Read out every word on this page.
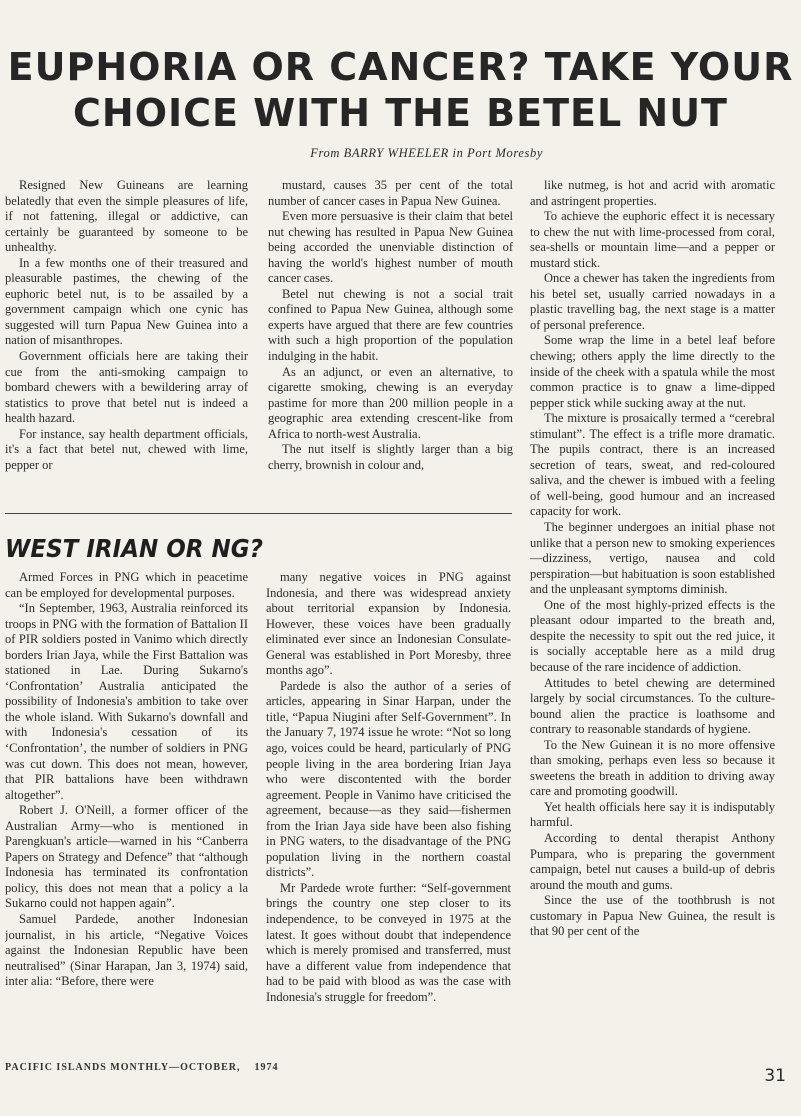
EUPHORIA OR CANCER? TAKE YOUR
CHOICE WITH THE BETEL NUT
From BARRY WHEELER in Port Moresby

Resigned New Guineans are learning belatedly that even the simple pleasures of life, if not fattening, illegal or addictive, can certainly be guaranteed by someone to be unhealthy.

In a few months one of their treasured and pleasurable pastimes, the chewing of the euphoric betel nut, is to be assailed by a government campaign which one cynic has suggested will turn Papua New Guinea into a nation of misanthropes.

Government officials here are taking their cue from the anti-smoking campaign to bombard chewers with a bewildering array of statistics to prove that betel nut is indeed a health hazard.

For instance, say health department officials, it's a fact that betel nut, chewed with lime, pepper or

mustard, causes 35 per cent of the total number of cancer cases in Papua New Guinea.

Even more persuasive is their claim that betel nut chewing has resulted in Papua New Guinea being accorded the unenviable distinction of having the world's highest number of mouth cancer cases.

Betel nut chewing is not a social trait confined to Papua New Guinea, although some experts have argued that there are few countries with such a high proportion of the population indulging in the habit.

As an adjunct, or even an alternative, to cigarette smoking, chewing is an everyday pastime for more than 200 million people in a geographic area extending crescent-like from Africa to north-west Australia.

The nut itself is slightly larger than a big cherry, brownish in colour and,

like nutmeg, is hot and acrid with aromatic and astringent properties.

To achieve the euphoric effect it is necessary to chew the nut with lime-processed from coral, sea-shells or mountain lime—and a pepper or mustard stick.

Once a chewer has taken the ingredients from his betel set, usually carried nowadays in a plastic travelling bag, the next stage is a matter of personal preference.

Some wrap the lime in a betel leaf before chewing; others apply the lime directly to the inside of the cheek with a spatula while the most common practice is to gnaw a lime-dipped pepper stick while sucking away at the nut.

The mixture is prosaically termed a “cerebral stimulant”. The effect is a trifle more dramatic. The pupils contract, there is an increased secretion of tears, sweat, and red-coloured saliva, and the chewer is imbued with a feeling of well-being, good humour and an increased capacity for work.

The beginner undergoes an initial phase not unlike that a person new to smoking experiences—dizziness, vertigo, nausea and cold perspiration—but habituation is soon established and the unpleasant symptoms diminish.

One of the most highly-prized effects is the pleasant odour imparted to the breath and, despite the necessity to spit out the red juice, it is socially acceptable here as a mild drug because of the rare incidence of addiction.

Attitudes to betel chewing are determined largely by social circumstances. To the culture-bound alien the practice is loathsome and contrary to reasonable standards of hygiene.

To the New Guinean it is no more offensive than smoking, perhaps even less so because it sweetens the breath in addition to driving away care and promoting goodwill.

Yet health officials here say it is indisputably harmful.

According to dental therapist Anthony Pumpara, who is preparing the government campaign, betel nut causes a build-up of debris around the mouth and gums.

Since the use of the toothbrush is not customary in Papua New Guinea, the result is that 90 per cent of the

WEST IRIAN OR NG?

Armed Forces in PNG which in peacetime can be employed for developmental purposes.

“In September, 1963, Australia reinforced its troops in PNG with the formation of Battalion II of PIR soldiers posted in Vanimo which directly borders Irian Jaya, while the First Battalion was stationed in Lae. During Sukarno's ‘Confrontation’ Australia anticipated the possibility of Indonesia's ambition to take over the whole island. With Sukarno's downfall and with Indonesia's cessation of its ‘Confrontation’, the number of soldiers in PNG was cut down. This does not mean, however, that PIR battalions have been withdrawn altogether”.

Robert J. O'Neill, a former officer of the Australian Army—who is mentioned in Parengkuan's article—warned in his “Canberra Papers on Strategy and Defence” that “although Indonesia has terminated its confrontation policy, this does not mean that a policy a la Sukarno could not happen again”.

Samuel Pardede, another Indonesian journalist, in his article, “Negative Voices against the Indonesian Republic have been neutralised” (Sinar Harapan, Jan 3, 1974) said, inter alia: “Before, there were

many negative voices in PNG against Indonesia, and there was widespread anxiety about territorial expansion by Indonesia. However, these voices have been gradually eliminated ever since an Indonesian Consulate-General was established in Port Moresby, three months ago”.

Pardede is also the author of a series of articles, appearing in Sinar Harpan, under the title, “Papua Niugini after Self-Government”. In the January 7, 1974 issue he wrote: “Not so long ago, voices could be heard, particularly of PNG people living in the area bordering Irian Jaya who were discontented with the border agreement. People in Vanimo have criticised the agreement, because—as they said—fishermen from the Irian Jaya side have been also fishing in PNG waters, to the disadvantage of the PNG population living in the northern coastal districts”.

Mr Pardede wrote further: “Self-government brings the country one step closer to its independence, to be conveyed in 1975 at the latest. It goes without doubt that independence which is merely promised and transferred, must have a different value from independence that had to be paid with blood as was the case with Indonesia's struggle for freedom”.

PACIFIC ISLANDS MONTHLY—OCTOBER, 1974	31
